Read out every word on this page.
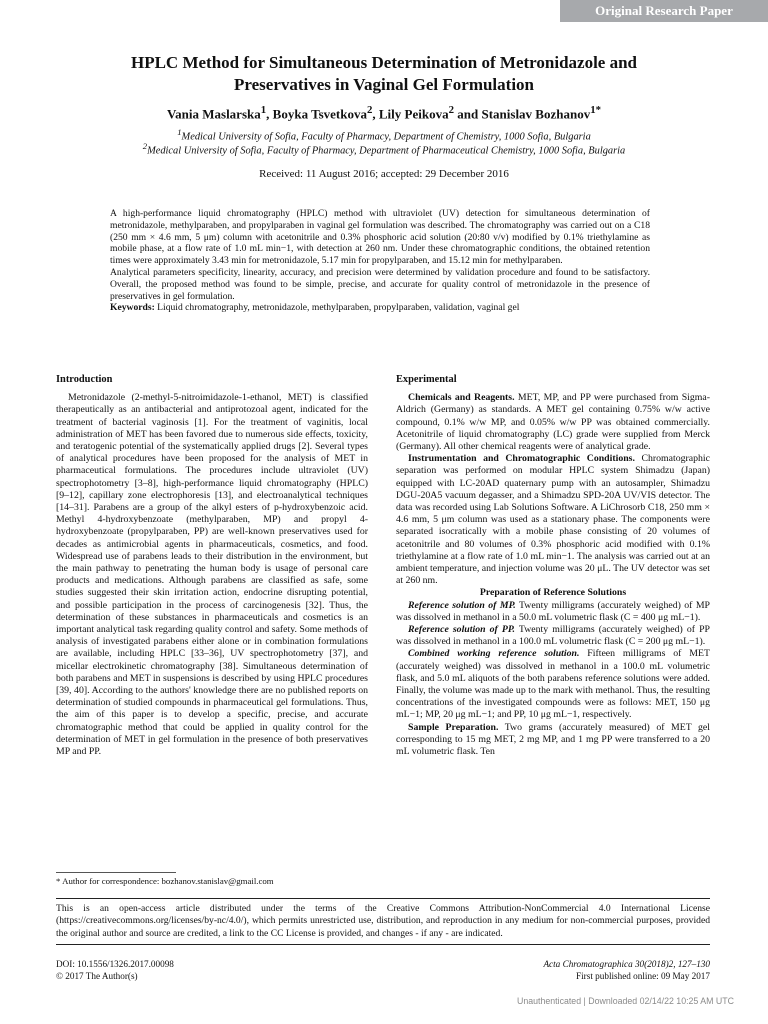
Original Research Paper
HPLC Method for Simultaneous Determination of Metronidazole and
Preservatives in Vaginal Gel Formulation
Vania Maslarska$^1$, Boyka Tsvetkova$^2$, Lily Peikova$^2$ and Stanislav Bozhanov$^{1*}$
$^1$Medical University of Sofia, Faculty of Pharmacy, Department of Chemistry, 1000 Sofia, Bulgaria
$^2$Medical University of Sofia, Faculty of Pharmacy, Department of Pharmaceutical Chemistry, 1000 Sofia, Bulgaria
Received: 11 August 2016; accepted: 29 December 2016

A high-performance liquid chromatography (HPLC) method with ultraviolet (UV) detection for simultaneous determination of metronidazole, methylparaben, and propylparaben in vaginal gel formulation was described. The chromatography was carried out on a C18 (250 mm × 4.6 mm, 5 μm) column with acetonitrile and 0.3% phosphoric acid solution (20:80 v/v) modified by 0.1% triethylamine as mobile phase, at a flow rate of 1.0 mL min−1, with detection at 260 nm. Under these chromatographic conditions, the obtained retention times were approximately 3.43 min for metronidazole, 5.17 min for propylparaben, and 15.12 min for methylparaben.

Analytical parameters specificity, linearity, accuracy, and precision were determined by validation procedure and found to be satisfactory. Overall, the proposed method was found to be simple, precise, and accurate for quality control of metronidazole in the presence of preservatives in gel formulation.

Keywords: Liquid chromatography, metronidazole, methylparaben, propylparaben, validation, vaginal gel

Introduction

Metronidazole (2-methyl-5-nitroimidazole-1-ethanol, MET) is classified therapeutically as an antibacterial and antiprotozoal agent, indicated for the treatment of bacterial vaginosis [1]. For the treatment of vaginitis, local administration of MET has been favored due to numerous side effects, toxicity, and teratogenic potential of the systematically applied drugs [2]. Several types of analytical procedures have been proposed for the analysis of MET in pharmaceutical formulations. The procedures include ultraviolet (UV) spectrophotometry [3–8], high-performance liquid chromatography (HPLC) [9–12], capillary zone electrophoresis [13], and electroanalytical techniques [14–31]. Parabens are a group of the alkyl esters of p-hydroxybenzoic acid. Methyl 4-hydroxybenzoate (methylparaben, MP) and propyl 4-hydroxybenzoate (propylparaben, PP) are well-known preservatives used for decades as antimicrobial agents in pharmaceuticals, cosmetics, and food. Widespread use of parabens leads to their distribution in the environment, but the main pathway to penetrating the human body is usage of personal care products and medications. Although parabens are classified as safe, some studies suggested their skin irritation action, endocrine disrupting potential, and possible participation in the process of carcinogenesis [32]. Thus, the determination of these substances in pharmaceuticals and cosmetics is an important analytical task regarding quality control and safety. Some methods of analysis of investigated parabens either alone or in combination formulations are available, including HPLC [33–36], UV spectrophotometry [37], and micellar electrokinetic chromatography [38]. Simultaneous determination of both parabens and MET in suspensions is described by using HPLC procedures [39, 40]. According to the authors' knowledge there are no published reports on determination of studied compounds in pharmaceutical gel formulations. Thus, the aim of this paper is to develop a specific, precise, and accurate chromatographic method that could be applied in quality control for the determination of MET in gel formulation in the presence of both preservatives MP and PP.

Experimental

Chemicals and Reagents. MET, MP, and PP were purchased from Sigma-Aldrich (Germany) as standards. A MET gel containing 0.75% w/w active compound, 0.1% w/w MP, and 0.05% w/w PP was obtained commercially. Acetonitrile of liquid chromatography (LC) grade were supplied from Merck (Germany). All other chemical reagents were of analytical grade.

Instrumentation and Chromatographic Conditions. Chromatographic separation was performed on modular HPLC system Shimadzu (Japan) equipped with LC-20AD quaternary pump with an autosampler, Shimadzu DGU-20A5 vacuum degasser, and a Shimadzu SPD-20A UV/VIS detector. The data was recorded using Lab Solutions Software. A LiChrosorb C18, 250 mm × 4.6 mm, 5 μm column was used as a stationary phase. The components were separated isocratically with a mobile phase consisting of 20 volumes of acetonitrile and 80 volumes of 0.3% phosphoric acid modified with 0.1% triethylamine at a flow rate of 1.0 mL min−1. The analysis was carried out at an ambient temperature, and injection volume was 20 μL. The UV detector was set at 260 nm.

Preparation of Reference Solutions

Reference solution of MP. Twenty milligrams (accurately weighed) of MP was dissolved in methanol in a 50.0 mL volumetric flask (C = 400 μg mL−1).

Reference solution of PP. Twenty milligrams (accurately weighed) of PP was dissolved in methanol in a 100.0 mL volumetric flask (C = 200 μg mL−1).

Combined working reference solution. Fifteen milligrams of MET (accurately weighed) was dissolved in methanol in a 100.0 mL volumetric flask, and 5.0 mL aliquots of the both parabens reference solutions were added. Finally, the volume was made up to the mark with methanol. Thus, the resulting concentrations of the investigated compounds were as follows: MET, 150 μg mL−1; MP, 20 μg mL−1; and PP, 10 μg mL−1, respectively.

Sample Preparation. Two grams (accurately measured) of MET gel corresponding to 15 mg MET, 2 mg MP, and 1 mg PP were transferred to a 20 mL volumetric flask. Ten

* Author for correspondence: bozhanov.stanislav@gmail.com
This is an open-access article distributed under the terms of the Creative Commons Attribution-NonCommercial 4.0 International License (https://creativecommons.org/licenses/by-nc/4.0/), which permits unrestricted use, distribution, and reproduction in any medium for non-commercial purposes, provided the original author and source are credited, a link to the CC License is provided, and changes - if any - are indicated.
DOI: 10.1556/1326.2017.00098
© 2017 The Author(s)
Acta Chromatographica 30(2018)2, 127–130
First published online: 09 May 2017
Unauthenticated | Downloaded 02/14/22 10:25 AM UTC
